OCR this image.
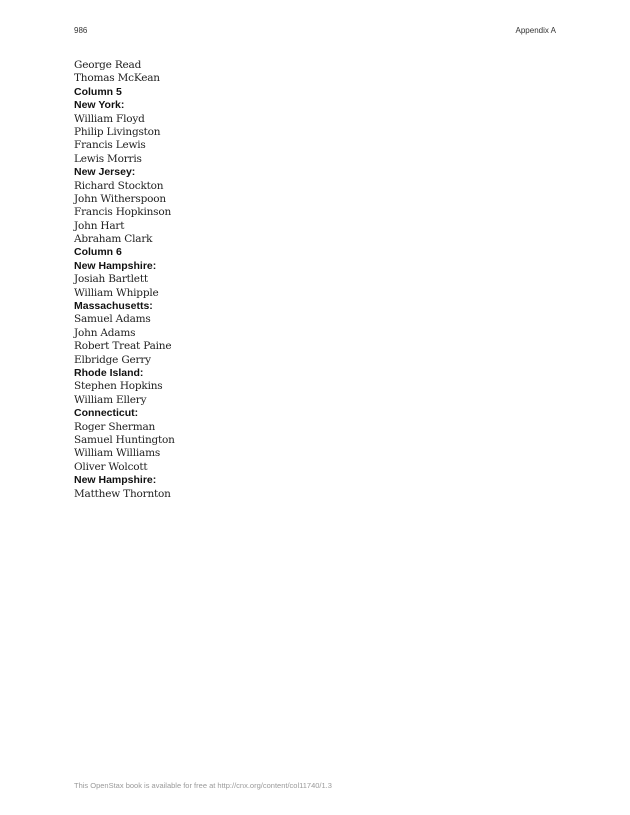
986	Appendix A
George Read
Thomas McKean
Column 5
New York:
William Floyd
Philip Livingston
Francis Lewis
Lewis Morris
New Jersey:
Richard Stockton
John Witherspoon
Francis Hopkinson
John Hart
Abraham Clark
Column 6
New Hampshire:
Josiah Bartlett
William Whipple
Massachusetts:
Samuel Adams
John Adams
Robert Treat Paine
Elbridge Gerry
Rhode Island:
Stephen Hopkins
William Ellery
Connecticut:
Roger Sherman
Samuel Huntington
William Williams
Oliver Wolcott
New Hampshire:
Matthew Thornton
This OpenStax book is available for free at http://cnx.org/content/col11740/1.3
